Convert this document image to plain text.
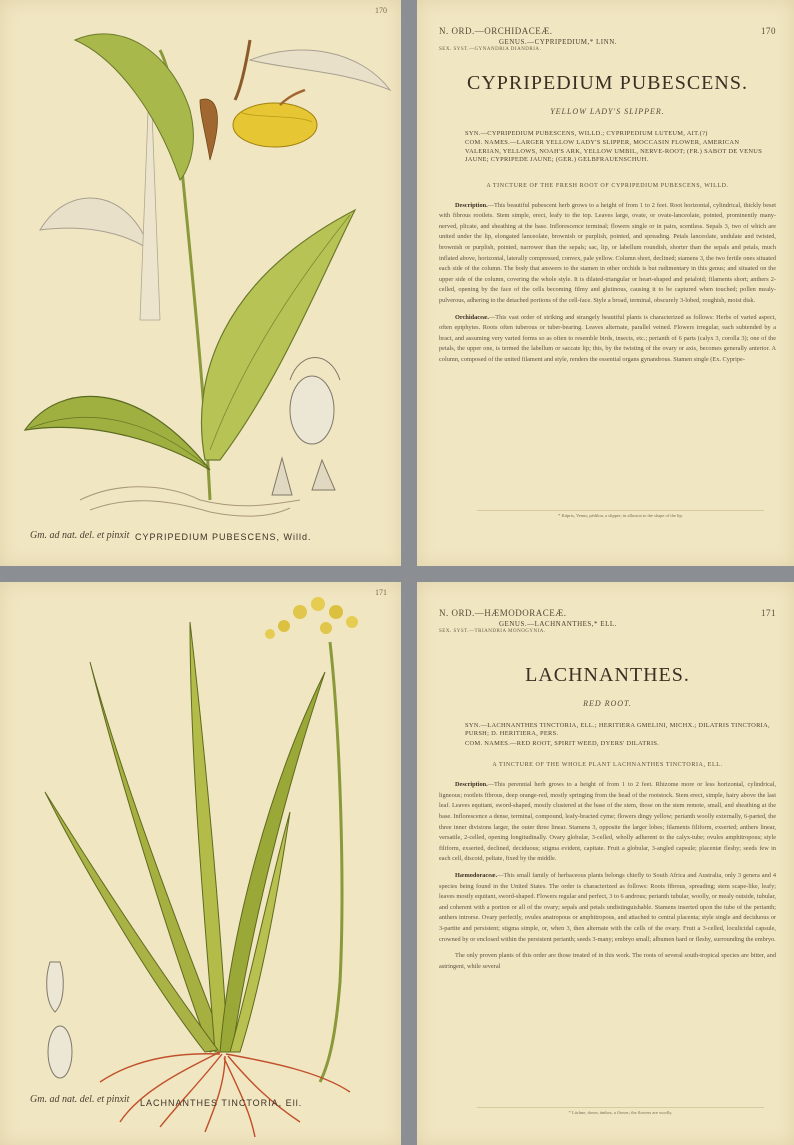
170
Gm. ad nat. del. et pinxit CYPRIPEDIUM PUBESCENS, Willd.
N. ORD.—ORCHIDACEÆ.	170
GENUS.—CYPRIPEDIUM,* LINN.
SEX. SYST.—GYNANDRIA DIANDRIA.
CYPRIPEDIUM PUBESCENS.
YELLOW LADY'S SLIPPER.
SYN.—CYPRIPEDIUM PUBESCENS, WILLD.; CYPRIPEDIUM LUTEUM, AIT.(?)
COM. NAMES.—LARGER YELLOW LADY'S SLIPPER, MOCCASIN FLOWER, AMERICAN VALERIAN, YELLOWS, NOAH'S ARK, YELLOW UMBIL, NERVE-ROOT; (FR.) SABOT DE VENUS JAUNE; CYPRIPEDE JAUNE; (GER.) GELBFRAUENSCHUH.
A TINCTURE OF THE FRESH ROOT OF CYPRIPEDIUM PUBESCENS, WILLD.
Description.—This beautiful pubescent herb grows to a height of from 1 to 2 feet. Root horizontal, cylindrical, thickly beset with fibrous rootlets. Stem simple, erect, leafy to the top. Leaves large, ovate, or ovate-lanceolate, pointed, prominently many-nerved, plicate, and sheathing at the base. Inflorescence terminal; flowers single or in pairs, scentless. Sepals 3, two of which are united under the lip, elongated lanceolate, brownish or purplish, pointed, and spreading. Petals lanceolate, undulate and twisted, brownish or purplish, pointed, narrower than the sepals; sac, lip, or labellum roundish, shorter than the sepals and petals, much inflated above, horizontal, laterally compressed, convex, pale yellow. Column short, declined; stamens 3, the two fertile ones situated each side of the column. The body that answers to the stamen in other orchids is but rudimentary in this genus; and situated on the upper side of the column, covering the whole style. It is dilated-triangular or heart-shaped and petaloid; filaments short; anthers 2-celled, opening by the face of the cells becoming filmy and glutinous, causing it to be captured when touched; pollen mealy-pulverous, adhering to the detached portions of the cell-face. Style a broad, terminal, obscurely 3-lobed, roughish, moist disk.
Orchidaceæ.—This vast order of striking and strangely beautiful plants is characterized as follows: Herbs of varied aspect, often epiphytes. Roots often tuberous or tuber-bearing. Leaves alternate, parallel veined. Flowers irregular, each subtended by a bract, and assuming very varied forms so as often to resemble birds, insects, etc.; perianth of 6 parts (calyx 3, corolla 3); one of the petals, the upper one, is termed the labellum or saccate lip; this, by the twisting of the ovary or axis, becomes generally anterior. A column, composed of the united filament and style, renders the essential organs gynandrous. Stamen single (Ex. Cypripe-
* Kúpris, Venus; pédilon, a slipper; in allusion to the shape of the lip.
171
Gm. ad nat. del. et pinxit LACHNANTHES TINCTORIA, Ell.
N. ORD.—HÆMODORACEÆ.	171
GENUS.—LACHNANTHES,* ELL.
SEX. SYST.—TRIANDRIA MONOGYNIA.
LACHNANTHES.
RED ROOT.
SYN.—LACHNANTHES TINCTORIA, ELL.; HERITIERA GMELINI, MICHX.; DILATRIS TINCTORIA, PURSH; D. HERITIERA, PERS.
COM. NAMES.—RED ROOT, SPIRIT WEED, DYERS' DILATRIS.
A TINCTURE OF THE WHOLE PLANT LACHNANTHES TINCTORIA, ELL.
Description.—This perennial herb grows to a height of from 1 to 2 feet. Rhizome more or less horizontal, cylindrical, ligneous; rootlets fibrous, deep orange-red, mostly springing from the head of the rootstock. Stem erect, simple, hairy above the last leaf. Leaves equitant, sword-shaped, mostly clustered at the base of the stem, those on the stem remote, small, and sheathing at the base. Inflorescence a dense, terminal, compound, leafy-bracted cyme; flowers dingy yellow; perianth woolly externally, 6-parted, the three inner divisions larger, the outer three linear. Stamens 3, opposite the larger lobes; filaments filiform, exserted; anthers linear, versatile, 2-celled, opening longitudinally. Ovary globular, 3-celled, wholly adherent to the calyx-tube; ovules amphitropous; style filiform, exserted, declined, deciduous; stigma evident, capitate. Fruit a globular, 3-angled capsule; placentæ fleshy; seeds few in each cell, discoid, peltate, fixed by the middle.
Hæmodoraceæ.—This small family of herbaceous plants belongs chiefly to South Africa and Australia, only 3 genera and 4 species being found in the United States. The order is characterized as follows: Roots fibrous, spreading; stem scape-like, leafy; leaves mostly equitant, sword-shaped. Flowers regular and perfect, 3 to 6 androus; perianth tubular, woolly, or mealy outside, tubular, and coherent with a portion or all of the ovary; sepals and petals undistinguishable. Stamens inserted upon the tube of the perianth; anthers introrse. Ovary perfectly, ovules anatropous or amphitropous, and attached to central placenta; style single and deciduous or 3-partite and persistent; stigma simple, or, when 3, then alternate with the cells of the ovary. Fruit a 3-celled, loculicidal capsule, crowned by or enclosed within the persistent perianth; seeds 3-many; embryo small; albumen hard or fleshy, surrounding the embryo.
The only proven plants of this order are those treated of in this work. The roots of several south-tropical species are bitter, and astringent, while several
* Láchne, down; ánthos, a flower; the flowers are woolly.
